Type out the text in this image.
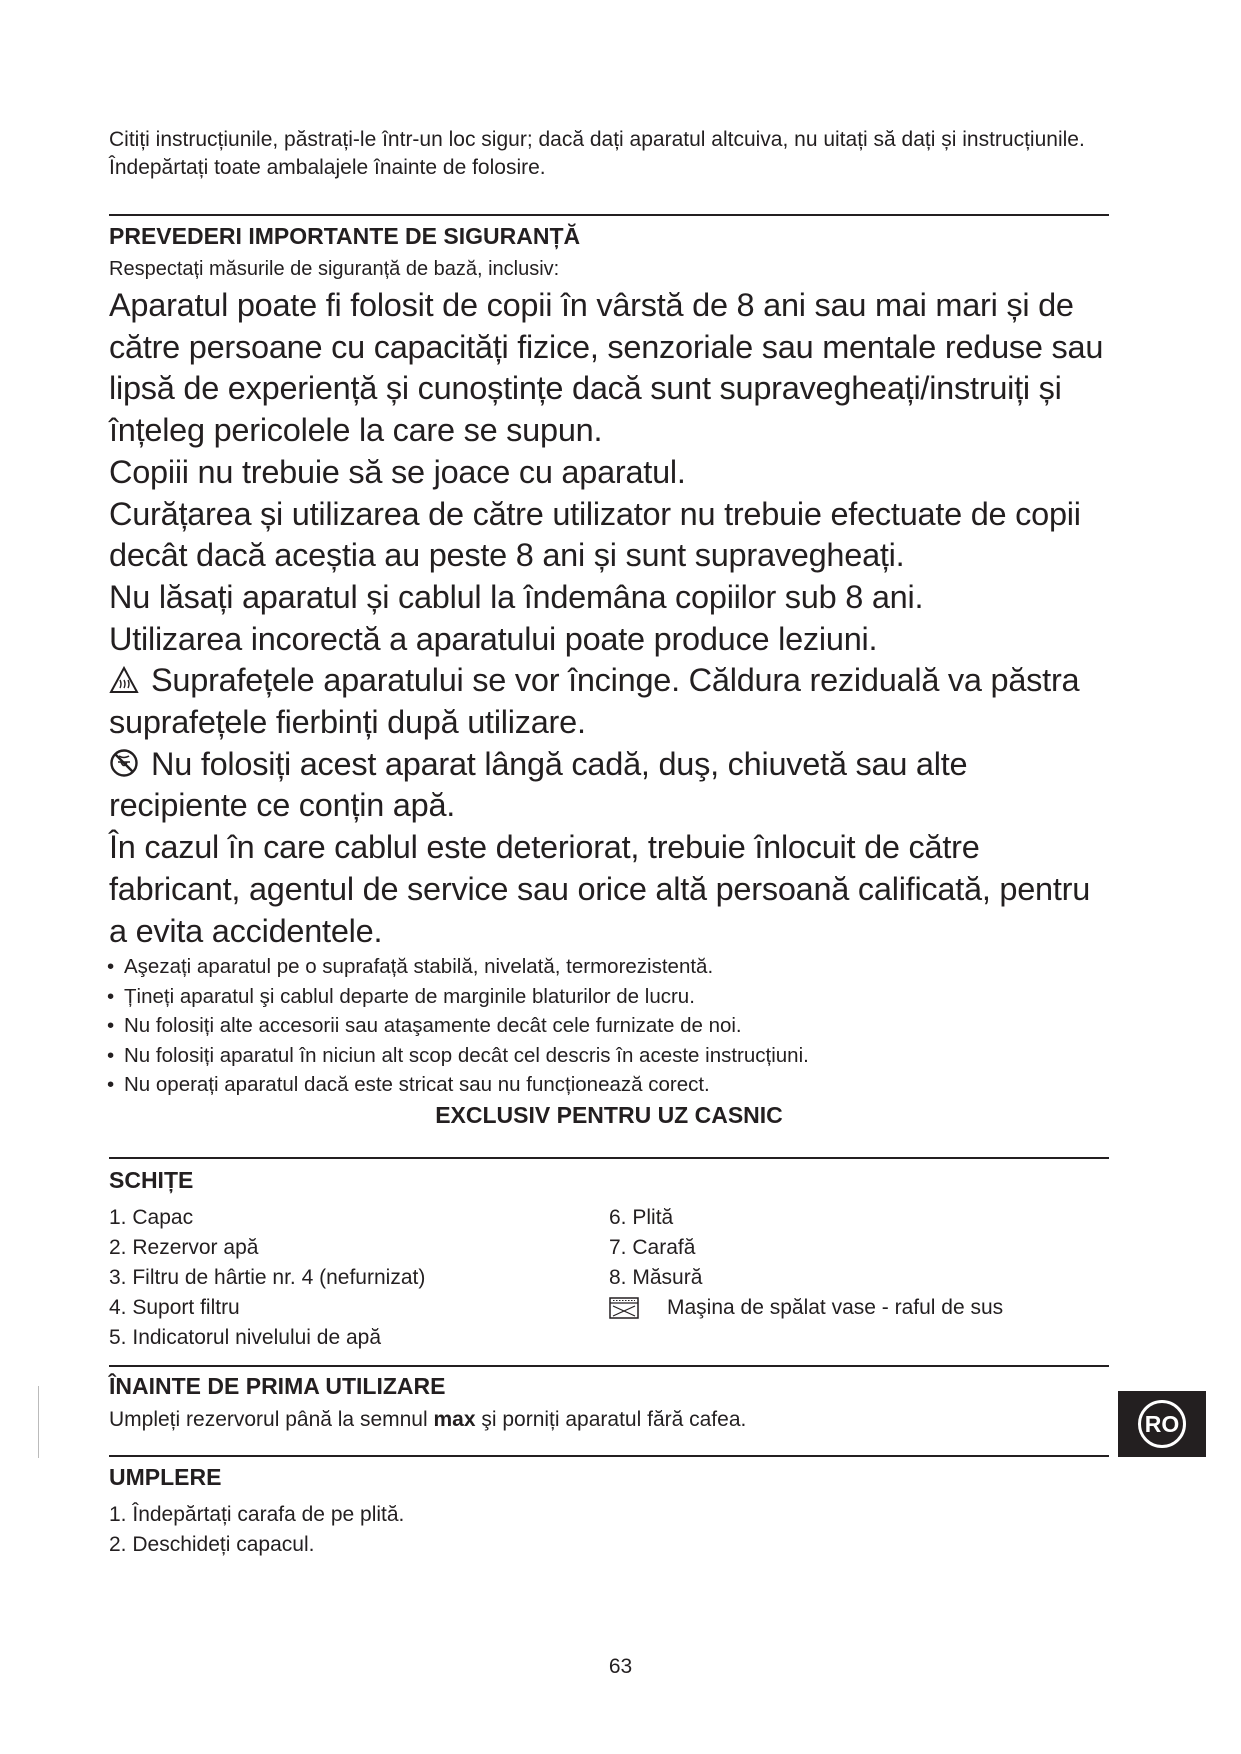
Citiți instrucțiunile, păstrați-le într-un loc sigur; dacă dați aparatul altcuiva, nu uitați să dați și instrucțiunile. Îndepărtați toate ambalajele înainte de folosire.

PREVEDERI IMPORTANTE DE SIGURANȚĂ

Respectați măsurile de siguranță de bază, inclusiv:

Aparatul poate fi folosit de copii în vârstă de 8 ani sau mai mari și de către persoane cu capacități fizice, senzoriale sau mentale reduse sau lipsă de experiență și cunoștințe dacă sunt supravegheați/instruiți și înțeleg pericolele la care se supun.

Copiii nu trebuie să se joace cu aparatul.

Curățarea și utilizarea de către utilizator nu trebuie efectuate de copii decât dacă aceștia au peste 8 ani și sunt supravegheați.

Nu lăsați aparatul și cablul la îndemâna copiilor sub 8 ani.

Utilizarea incorectă a aparatului poate produce leziuni.

Suprafețele aparatului se vor încinge. Căldura reziduală va păstra suprafețele fierbinți după utilizare.

Nu folosiți acest aparat lângă cadă, duş, chiuvetă sau alte recipiente ce conțin apă.

În cazul în care cablul este deteriorat, trebuie înlocuit de către fabricant, agentul de service sau orice altă persoană calificată, pentru a evita accidentele.

• Aşezați aparatul pe o suprafață stabilă, nivelată, termorezistentă.
• Țineți aparatul şi cablul departe de marginile blaturilor de lucru.
• Nu folosiți alte accesorii sau ataşamente decât cele furnizate de noi.
• Nu folosiți aparatul în niciun alt scop decât cel descris în aceste instrucțiuni.
• Nu operați aparatul dacă este stricat sau nu funcționează corect.

EXCLUSIV PENTRU UZ CASNIC

SCHIȚE
1.
Capac
2.
Rezervor apă
3.
Filtru de hârtie nr. 4 (nefurnizat)
4.
Suport filtru
5.
Indicatorul nivelului de apă
6.
Plită
7.
Carafă
8.
Măsură
Maşina de spălat vase - raful de sus
ÎNAINTE DE PRIMA UTILIZARE

Umpleți rezervorul până la semnul max şi porniți aparatul fără cafea.

UMPLERE
1. Îndepărtați carafa de pe plită.
2. Deschideți capacul.
RO
63
